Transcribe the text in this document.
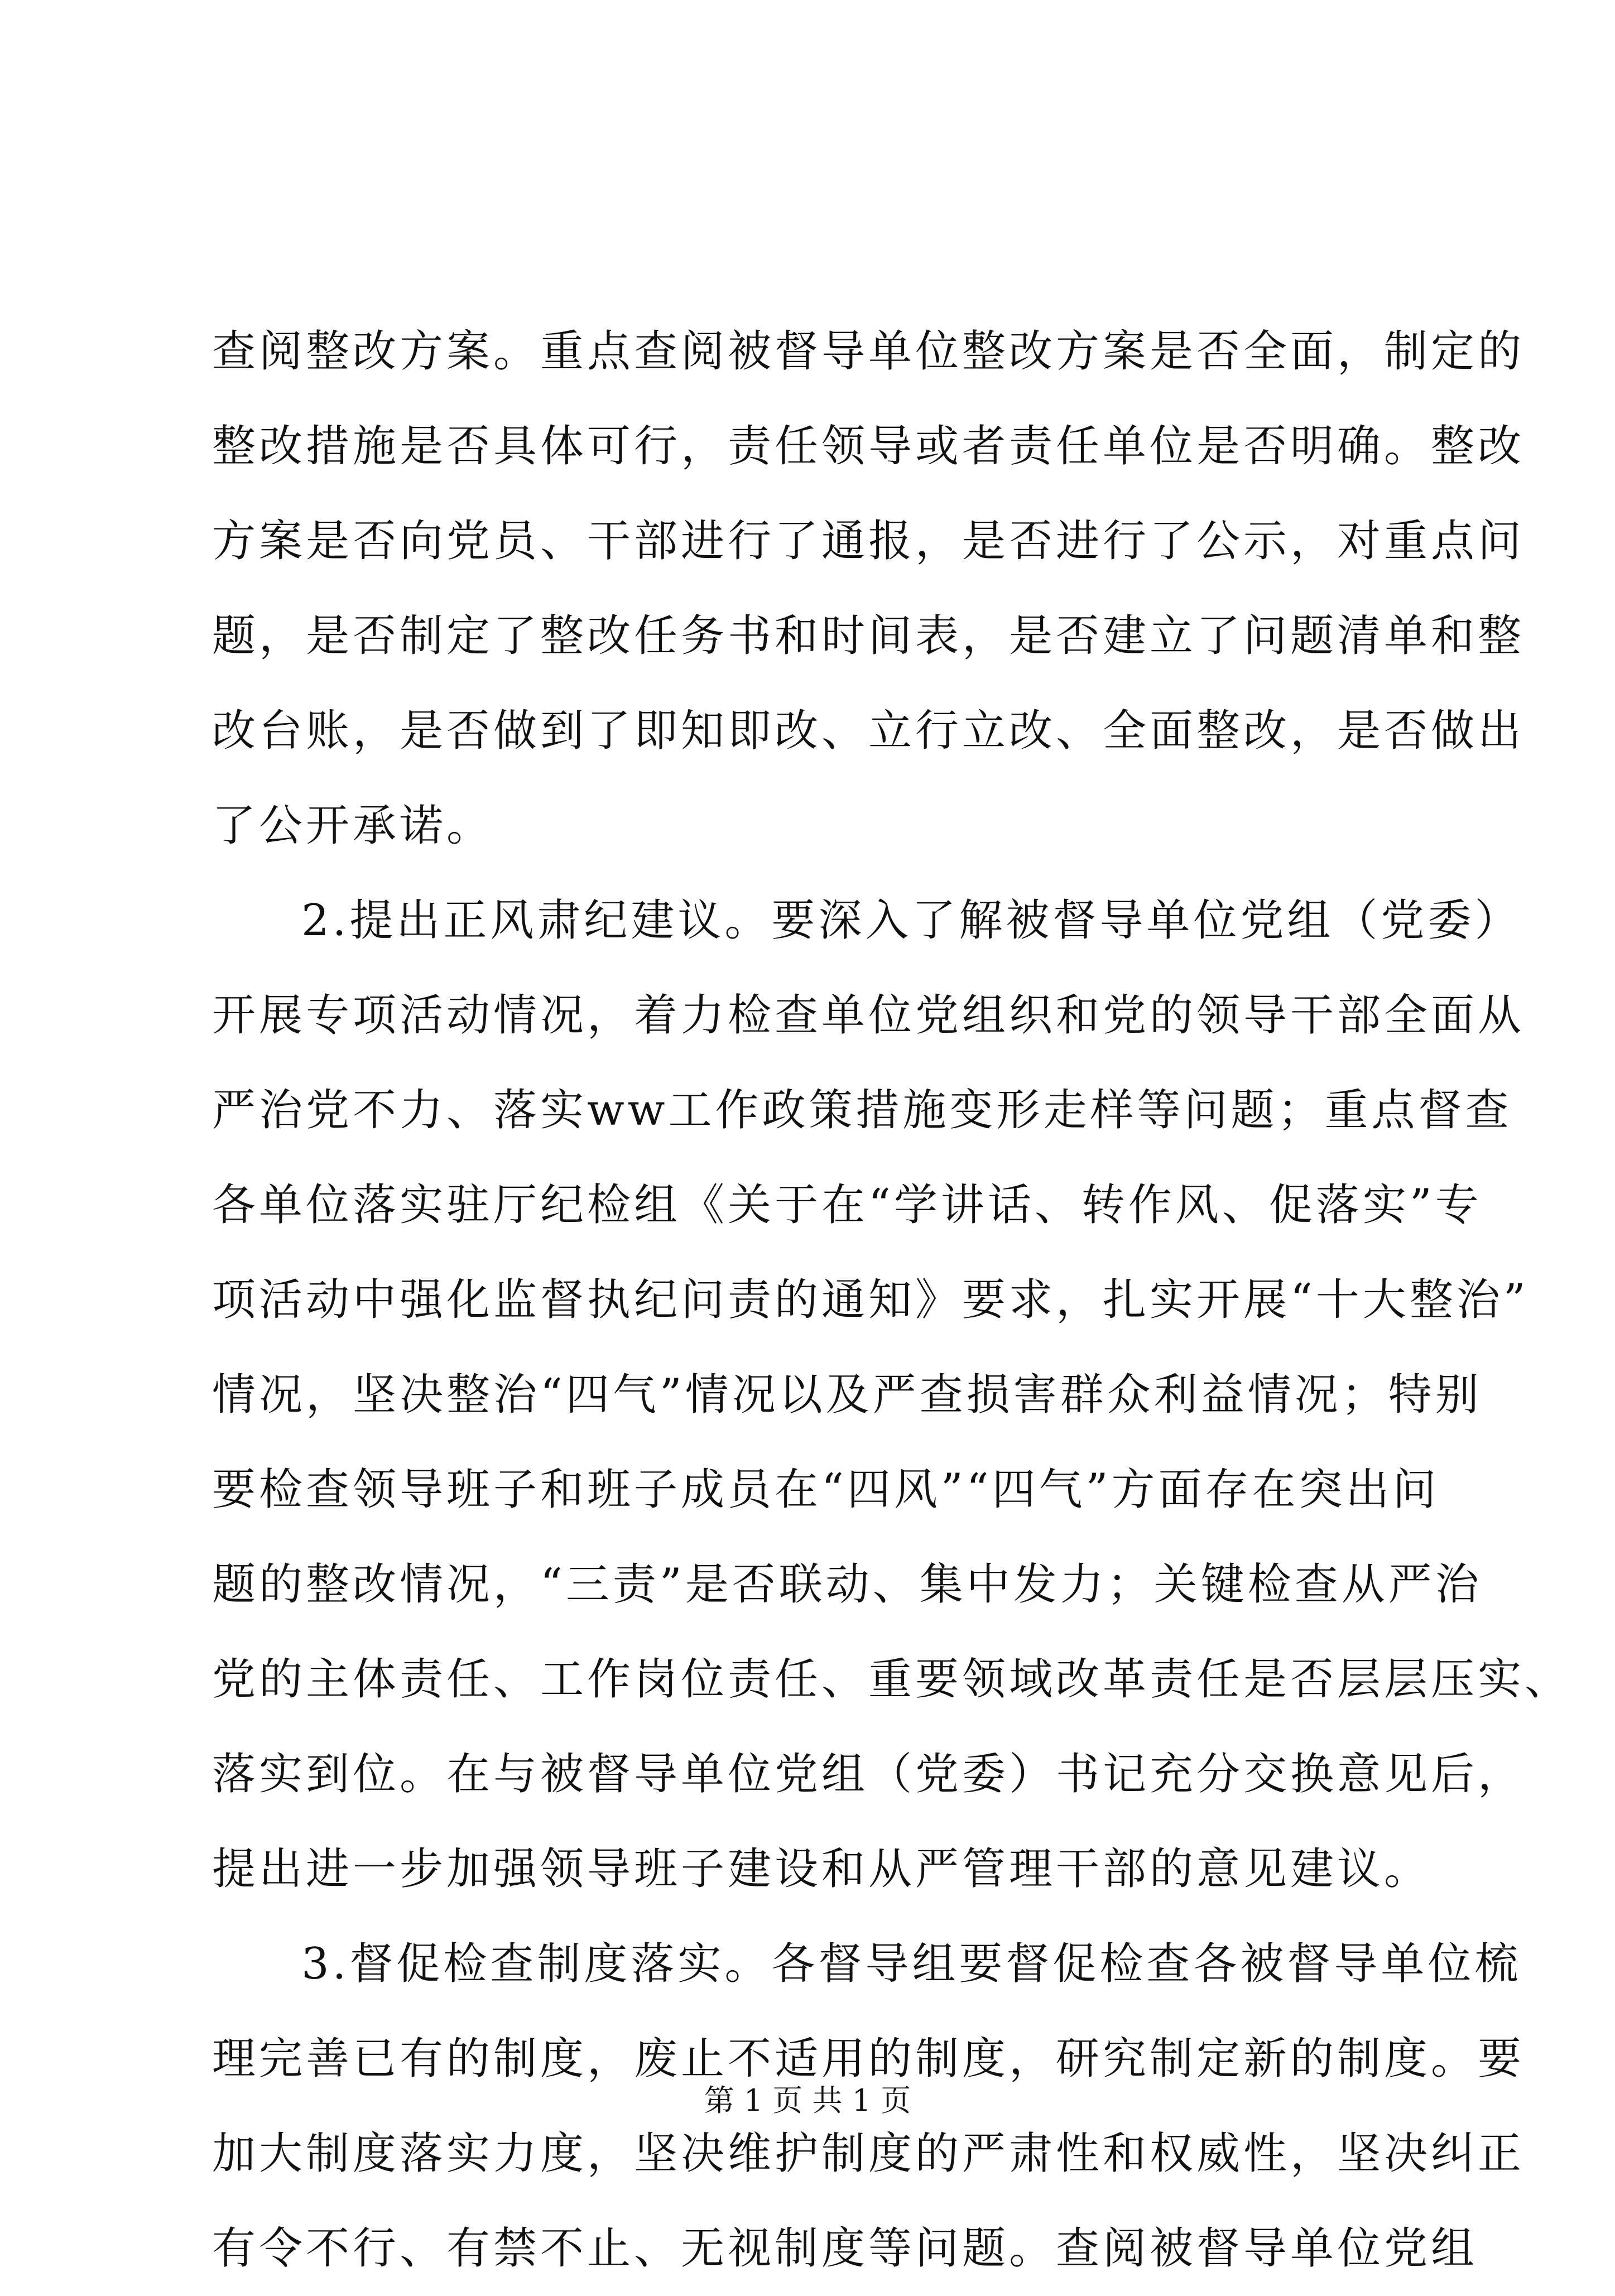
查阅整改方案。重点查阅被督导单位整改方案是否全面，制定的
整改措施是否具体可行，责任领导或者责任单位是否明确。整改
方案是否向党员、干部进行了通报，是否进行了公示，对重点问
题，是否制定了整改任务书和时间表，是否建立了问题清单和整
改台账，是否做到了即知即改、立行立改、全面整改，是否做出
了公开承诺。
2.提出正风肃纪建议。要深入了解被督导单位党组（党委）
开展专项活动情况，着力检查单位党组织和党的领导干部全面从
严治党不力、落实ww工作政策措施变形走样等问题；重点督查
各单位落实驻厅纪检组《关于在“学讲话、转作风、促落实”专
项活动中强化监督执纪问责的通知》要求，扎实开展“十大整治”
情况，坚决整治“四气”情况以及严查损害群众利益情况；特别
要检查领导班子和班子成员在“四风”“四气”方面存在突出问
题的整改情况，“三责”是否联动、集中发力；关键检查从严治
党的主体责任、工作岗位责任、重要领域改革责任是否层层压实、
落实到位。在与被督导单位党组（党委）书记充分交换意见后，
提出进一步加强领导班子建设和从严管理干部的意见建议。
3.督促检查制度落实。各督导组要督促检查各被督导单位梳
理完善已有的制度，废止不适用的制度，研究制定新的制度。要
加大制度落实力度，坚决维护制度的严肃性和权威性，坚决纠正
有令不行、有禁不止、无视制度等问题。查阅被督导单位党组
第 1 页 共 1 页
